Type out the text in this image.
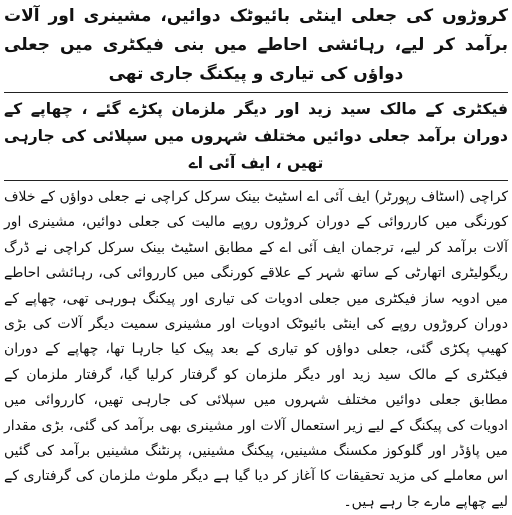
کروڑوں کی جعلی اینٹی بائیوٹک دوائیں، مشینری اور آلات برآمد کر لیے، رہائشی احاطے میں بنی فیکٹری میں جعلی دواؤں کی تیاری و پیکنگ جاری تھی
فیکٹری کے مالک سید زید اور دیگر ملزمان پکڑے گئے ، چھاپے کے دوران برآمد جعلی دوائیں مختلف شہروں میں سپلائی کی جارہی تھیں ، ایف آئی اے

کراچی (اسٹاف رپورٹر) ایف آئی اے اسٹیٹ بینک سرکل کراچی نے جعلی دواؤں کے خلاف کورنگی میں کارروائی کے دوران کروڑوں روپے مالیت کی جعلی دوائیں، مشینری اور آلات برآمد کر لیے، ترجمان ایف آئی اے کے مطابق اسٹیٹ بینک سرکل کراچی نے ڈرگ ریگولیٹری اتھارٹی کے ساتھ شہر کے علاقے کورنگی میں کارروائی کی، رہائشی احاطے میں ادویہ ساز فیکٹری میں جعلی ادویات کی تیاری اور پیکنگ ہورہی تھی، چھاپے کے دوران کروڑوں روپے کی اینٹی بائیوٹک ادویات اور مشینری سمیت دیگر آلات کی بڑی کھیپ پکڑی گئی، جعلی دواؤں کو تیاری کے بعد پیک کیا جارہا تھا، چھاپے کے دوران فیکٹری کے مالک سید زید اور دیگر ملزمان کو گرفتار کرلیا گیا، گرفتار ملزمان کے مطابق جعلی دوائیں مختلف شہروں میں سپلائی کی جارہی تھیں، کارروائی میں ادویات کی پیکنگ کے لیے زیر استعمال آلات اور مشینری بھی برآمد کی گئی، بڑی مقدار میں پاؤڈر اور گلوکوز مکسنگ مشینیں، پیکنگ مشینیں، پرنٹنگ مشینیں برآمد کی گئیں اس معاملے کی مزید تحقیقات کا آغاز کر دیا گیا ہے دیگر ملوث ملزمان کی گرفتاری کے لیے چھاپے مارے جا رہے ہیں۔
